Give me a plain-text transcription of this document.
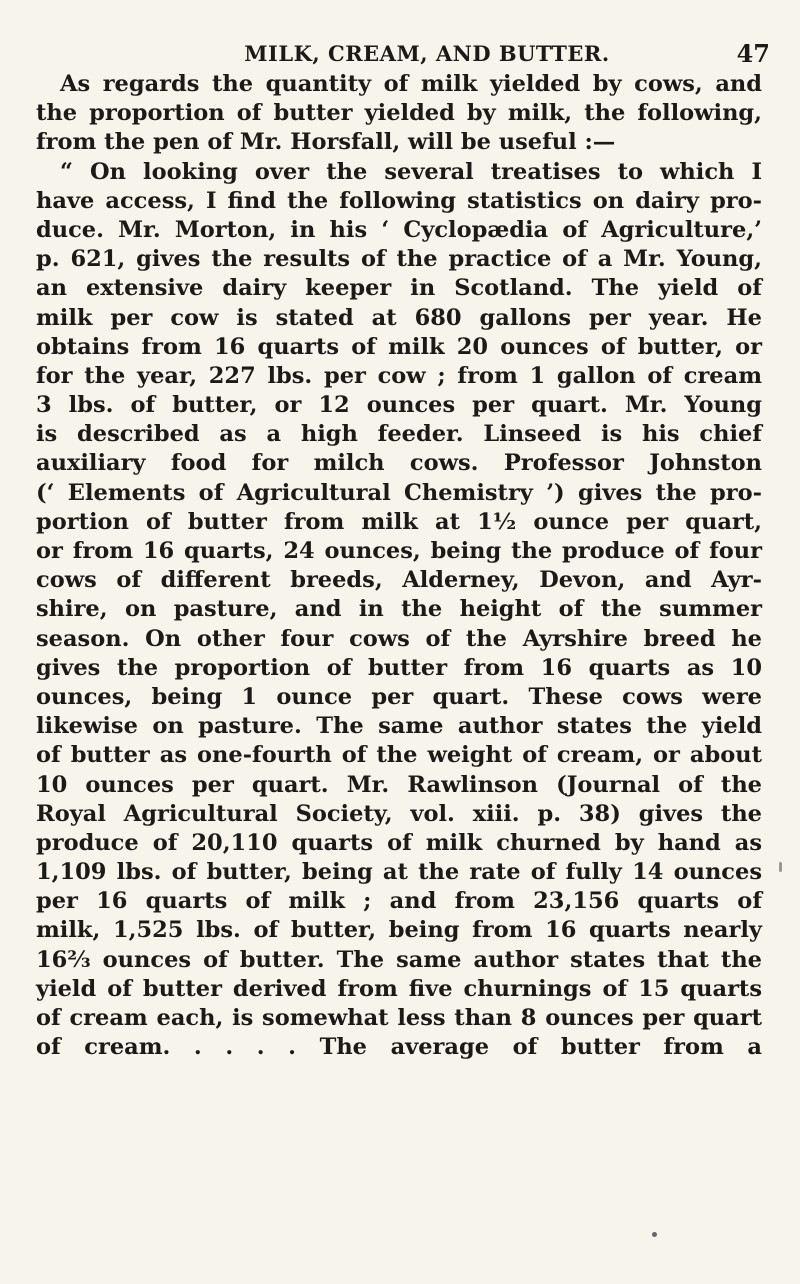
MILK, CREAM, AND BUTTER.	47
As regards the quantity of milk yielded by cows, and
the proportion of butter yielded by milk, the following,
from the pen of Mr. Horsfall, will be useful :—
“ On looking over the several treatises to which I
have access, I find the following statistics on dairy pro-
duce. Mr. Morton, in his ‘ Cyclopædia of Agriculture,’
p. 621, gives the results of the practice of a Mr. Young,
an extensive dairy keeper in Scotland. The yield of
milk per cow is stated at 680 gallons per year. He
obtains from 16 quarts of milk 20 ounces of butter, or
for the year, 227 lbs. per cow ; from 1 gallon of cream
3 lbs. of butter, or 12 ounces per quart. Mr. Young
is described as a high feeder. Linseed is his chief
auxiliary food for milch cows. Professor Johnston
(‘ Elements of Agricultural Chemistry ’) gives the pro-
portion of butter from milk at 1½ ounce per quart,
or from 16 quarts, 24 ounces, being the produce of four
cows of different breeds, Alderney, Devon, and Ayr-
shire, on pasture, and in the height of the summer
season. On other four cows of the Ayrshire breed he
gives the proportion of butter from 16 quarts as 10
ounces, being 1 ounce per quart. These cows were
likewise on pasture. The same author states the yield
of butter as one-fourth of the weight of cream, or about
10 ounces per quart. Mr. Rawlinson (Journal of the
Royal Agricultural Society, vol. xiii. p. 38) gives the
produce of 20,110 quarts of milk churned by hand as
1,109 lbs. of butter, being at the rate of fully 14 ounces
per 16 quarts of milk ; and from 23,156 quarts of
milk, 1,525 lbs. of butter, being from 16 quarts nearly
16⅔ ounces of butter. The same author states that the
yield of butter derived from five churnings of 15 quarts
of cream each, is somewhat less than 8 ounces per quart
of cream. . . . . The average of butter from a
